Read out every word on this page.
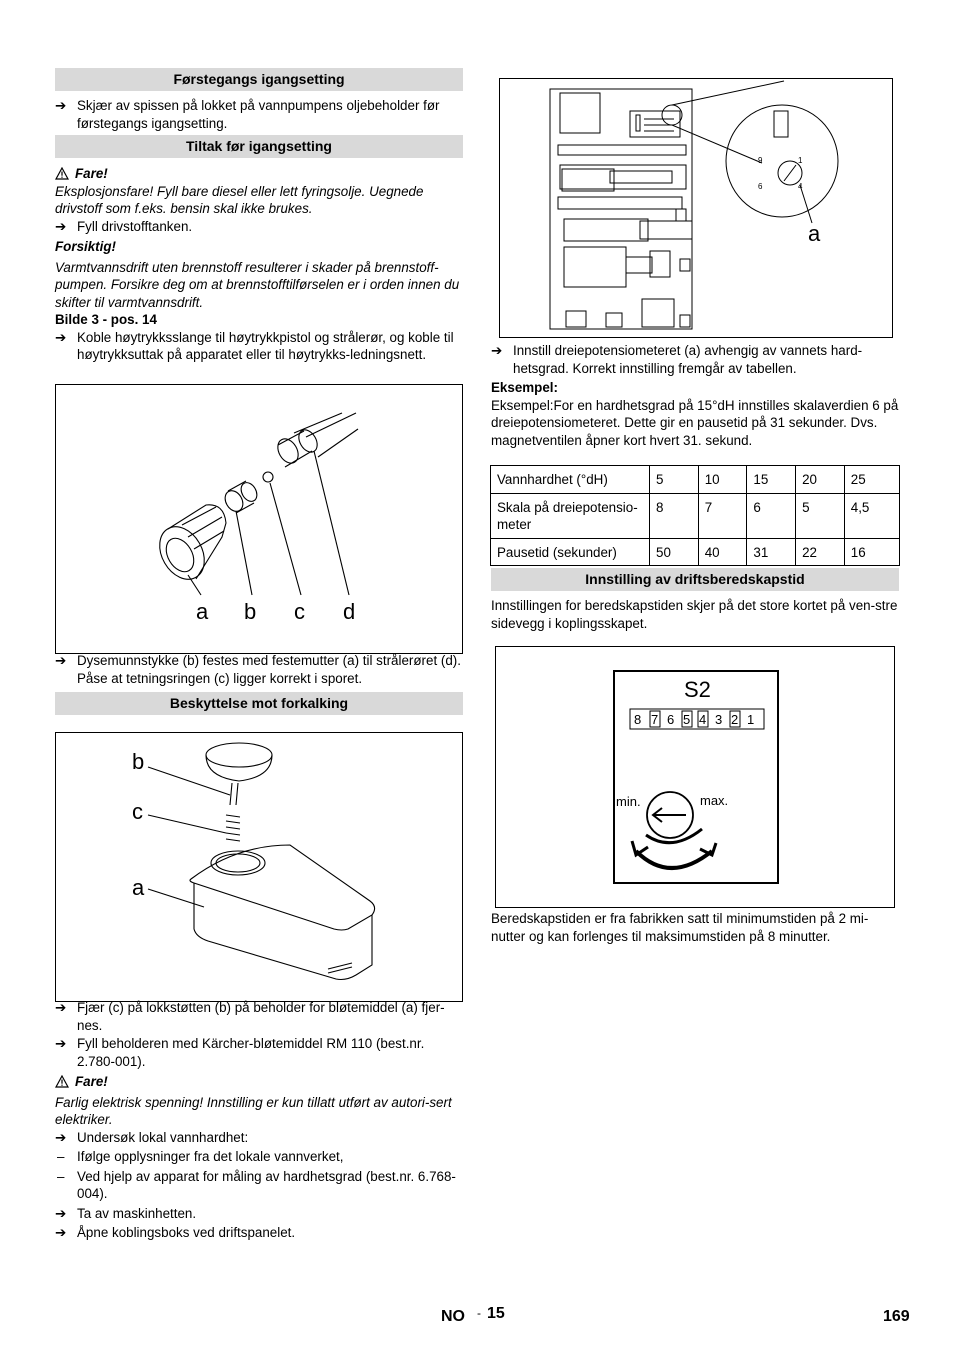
Førstegangs igangsetting
➔ Skjær av spissen på lokket på vannpumpens oljebeholder før førstegangs igangsetting.
Tiltak før igangsetting
Fare!
Eksplosjonsfare! Fyll bare diesel eller lett fyringsolje. Uegnede drivstoff som f.eks. bensin skal ikke brukes.
➔ Fyll drivstofftanken.
Forsiktig!
Varmtvannsdrift uten brennstoff resulterer i skader på brennstoff-pumpen. Forsikre deg om at brennstofftilførselen er i orden innen du skifter til varmtvannsdrift.
Bilde 3 - pos. 14
➔ Koble høytrykksslange til høytrykkpistol og strålerør, og koble til høytrykksuttak på apparatet eller til høytrykks-ledningsnett.
a b c d
➔ Dysemunnstykke (b) festes med festemutter (a) til strålerøret (d). Påse at tetningsringen (c) ligger korrekt i sporet.
Beskyttelse mot forkalking
b
c
a
➔ Fjær (c) på lokkstøtten (b) på beholder for bløtemiddel (a) fjer-nes.
➔ Fyll beholderen med Kärcher-bløtemiddel RM 110 (best.nr. 2.780-001).
Fare!
Farlig elektrisk spenning! Innstilling er kun tillatt utført av autori-sert elektriker.
➔ Undersøk lokal vannhardhet:
– Ifølge opplysninger fra det lokale vannverket,
– Ved hjelp av apparat for måling av hardhetsgrad (best.nr. 6.768-004).
➔ Ta av maskinhetten.
➔ Åpne koblingsboks ved driftspanelet.
9	1
6	4
a
➔ Innstill dreiepotensiometeret (a) avhengig av vannets hard-hetsgrad. Korrekt innstilling fremgår av tabellen.
Eksempel:
Eksempel:For en hardhetsgrad på 15°dH innstilles skalaverdien 6 på dreiepotensiometeret. Dette gir en pausetid på 31 sekunder. Dvs. magnetventilen åpner kort hvert 31. sekund.
Vannhardhet (°dH)	5	10	15	20	25
Skala på dreiepotensio-meter	8	7	6	5	4,5
Pausetid (sekunder)	50	40	31	22	16
Innstilling av driftsberedskapstid
Innstillingen for beredskapstiden skjer på det store kortet på ven-stre sidevegg i koplingsskapet.
S2
8 7 6 5 4 3 2 1
min.	max.
Beredskapstiden er fra fabrikken satt til minimumstiden på 2 mi-nutter og kan forlenges til maksimumstiden på 8 minutter.
NO - 15	169
